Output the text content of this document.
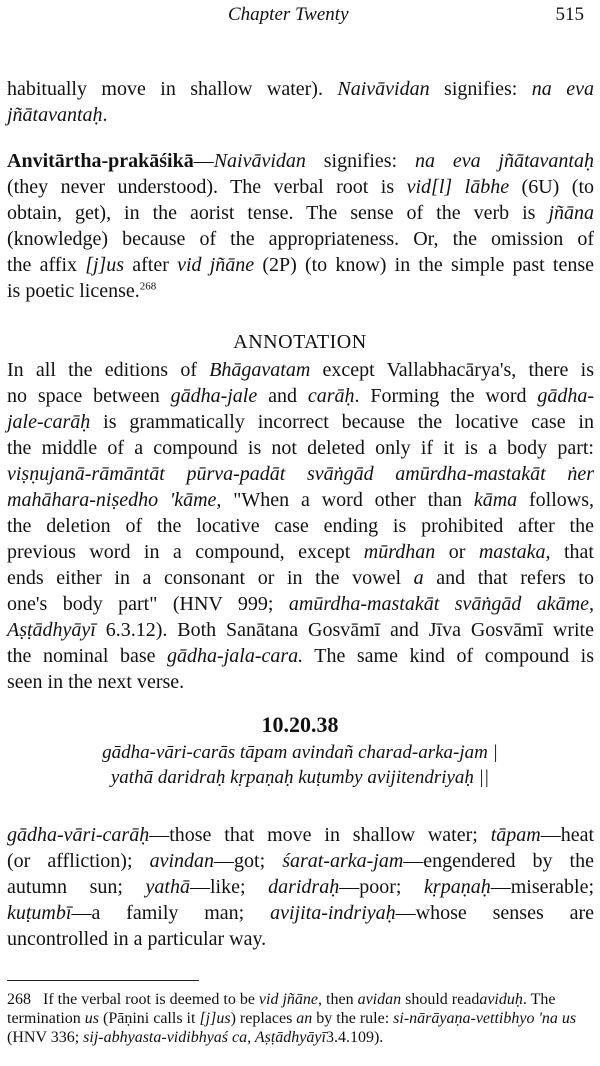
Chapter Twenty	515
habitually move in shallow water). Naivāvidan signifies: na eva
jñātavantaḥ.
Anvitārtha-prakāśikā—Naivāvidan signifies: na eva jñātavantaḥ
(they never understood). The verbal root is vid[l] lābhe (6U) (to
obtain, get), in the aorist tense. The sense of the verb is jñāna
(knowledge) because of the appropriateness. Or, the omission of
the affix [j]us after vid jñāne (2P) (to know) in the simple past tense
is poetic license.$^{268}$
ANNOTATION
In all the editions of Bhāgavatam except Vallabhacārya's, there is
no space between gādha-jale and carāḥ. Forming the word gādha-
jale-carāḥ is grammatically incorrect because the locative case in
the middle of a compound is not deleted only if it is a body part:
viṣṇujanā-rāmāntāt pūrva-padāt svāṅgād amūrdha-mastakāt ṅer
mahāhara-niṣedho 'kāme, "When a word other than kāma follows,
the deletion of the locative case ending is prohibited after the
previous word in a compound, except mūrdhan or mastaka, that
ends either in a consonant or in the vowel a and that refers to
one's body part" (HNV 999; amūrdha-mastakāt svāṅgād akāme,
Aṣṭādhyāyī 6.3.12). Both Sanātana Gosvāmī and Jīva Gosvāmī write
the nominal base gādha-jala-cara. The same kind of compound is
seen in the next verse.
10.20.38
gādha-vāri-carās tāpam avindañ charad-arka-jam |
yathā daridraḥ kṛpaṇaḥ kuṭumby avijitendriyaḥ ||
gādha-vāri-carāḥ—those that move in shallow water; tāpam—heat
(or affliction); avindan—got; śarat-arka-jam—engendered by the
autumn sun; yathā—like; daridraḥ—poor; kṛpaṇaḥ—miserable;
kuṭumbī—a family man; avijita-indriyaḥ—whose senses are
uncontrolled in a particular way.
268   If the verbal root is deemed to be vid jñāne, then avidan should readaviduḥ. The termination us (Pāṇini calls it [j]us) replaces an by the rule: si-nārāyaṇa-vettibhyo 'na us (HNV 336; sij-abhyasta-vidibhyaś ca, Aṣṭādhyāyī3.4.109).
